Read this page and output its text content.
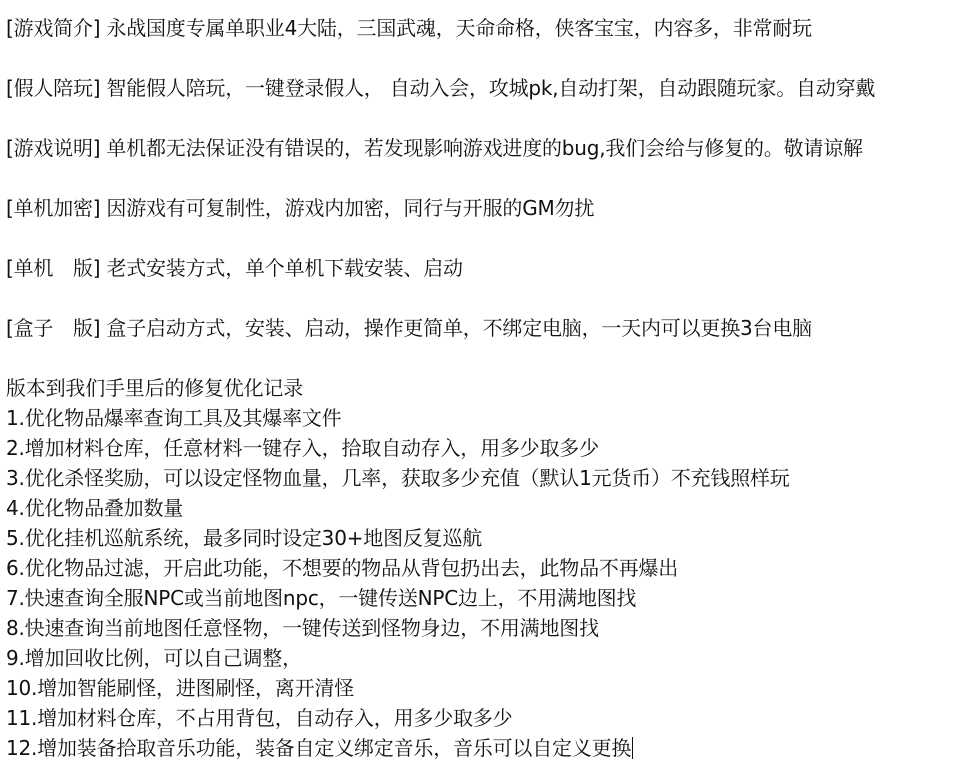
[游戏简介] 永战国度专属单职业4大陆，三国武魂，天命命格，侠客宝宝，内容多，非常耐玩
[假人陪玩] 智能假人陪玩，一键登录假人， 自动入会，攻城pk,自动打架，自动跟随玩家。自动穿戴
[游戏说明] 单机都无法保证没有错误的，若发现影响游戏进度的bug,我们会给与修复的。敬请谅解
[单机加密] 因游戏有可复制性，游戏内加密，同行与开服的GM勿扰
[单机　版] 老式安装方式，单个单机下载安装、启动
[盒子　版] 盒子启动方式，安装、启动，操作更简单，不绑定电脑，一天内可以更换3台电脑
版本到我们手里后的修复优化记录
1.优化物品爆率查询工具及其爆率文件
2.增加材料仓库，任意材料一键存入，拾取自动存入，用多少取多少
3.优化杀怪奖励，可以设定怪物血量，几率，获取多少充值（默认1元货币）不充钱照样玩
4.优化物品叠加数量
5.优化挂机巡航系统，最多同时设定30+地图反复巡航
6.优化物品过滤，开启此功能，不想要的物品从背包扔出去，此物品不再爆出
7.快速查询全服NPC或当前地图npc，一键传送NPC边上，不用满地图找
8.快速查询当前地图任意怪物，一键传送到怪物身边，不用满地图找
9.增加回收比例，可以自己调整，
10.增加智能刷怪，进图刷怪，离开清怪
11.增加材料仓库，不占用背包，自动存入，用多少取多少
12.增加装备拾取音乐功能，装备自定义绑定音乐，音乐可以自定义更换
